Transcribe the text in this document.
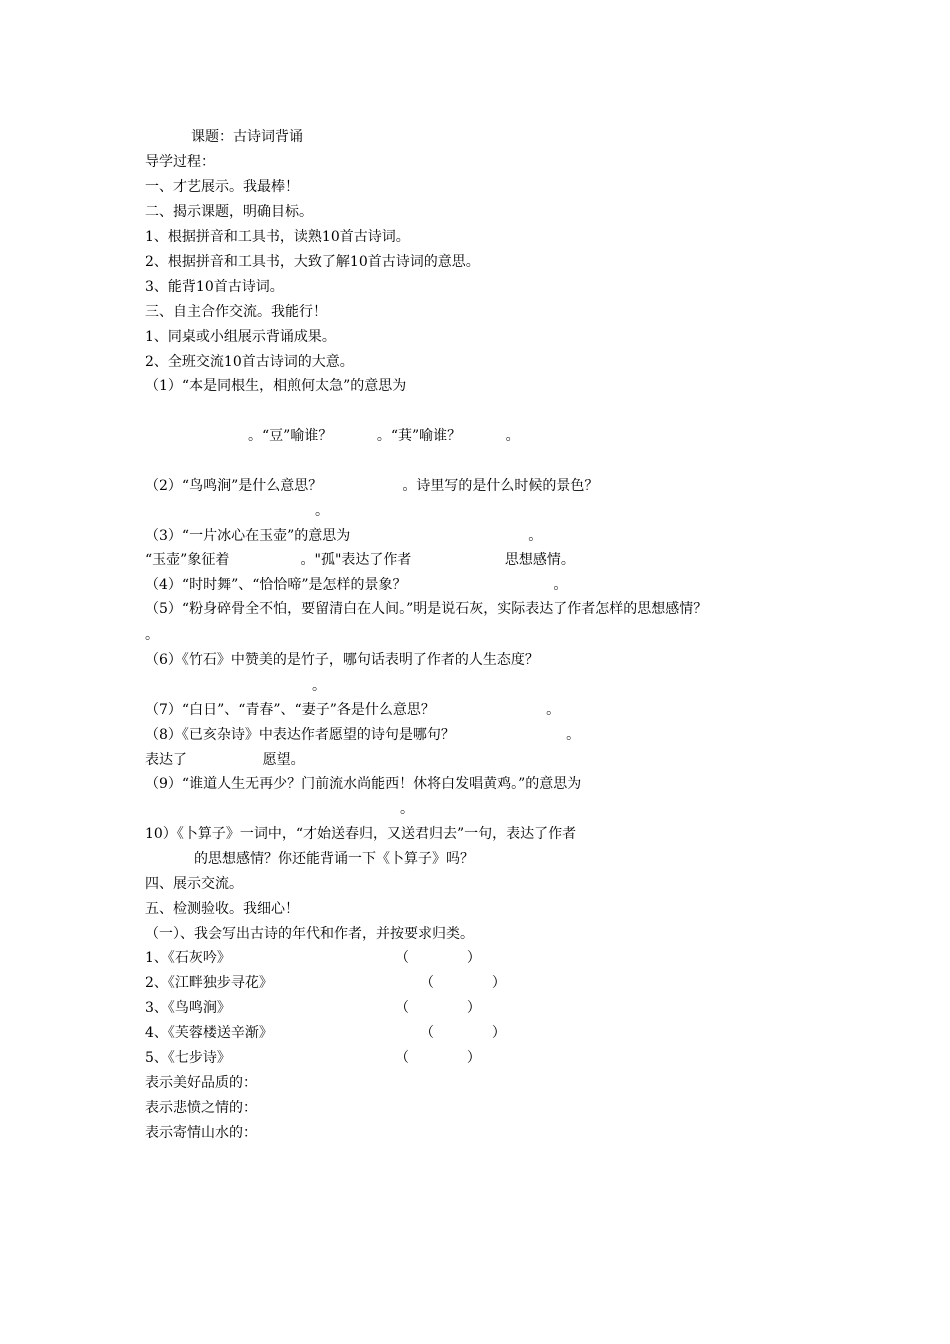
课题：古诗词背诵
导学过程：
一、才艺展示。我最棒！
二、揭示课题，明确目标。
1、根据拼音和工具书，读熟10首古诗词。
2、根据拼音和工具书，大致了解10首古诗词的意思。
3、能背10首古诗词。
三、自主合作交流。我能行！
1、同桌或小组展示背诵成果。
2、全班交流10首古诗词的大意。
（1）“本是同根生，相煎何太急”的意思为
。“豆”喻谁？          。“萁”喻谁？          。
（2）“鸟鸣涧”是什么意思？                  。诗里写的是什么时候的景色？
。
（3）“一片冰心在玉壶”的意思为                                        。
“玉壶”象征着                。"孤"表达了作者                     思想感情。
（4）“时时舞”、“恰恰啼”是怎样的景象？                                 。
（5）“粉身碎骨全不怕，要留清白在人间。”明是说石灰，实际表达了作者怎样的思想感情？
。
（6）《竹石》中赞美的是竹子，哪句话表明了作者的人生态度？
。
（7）“白日”、“青春”、“妻子”各是什么意思？                         。
（8）《已亥杂诗》中表达作者愿望的诗句是哪句？                         。
表达了                 愿望。
（9）“谁道人生无再少？门前流水尚能西！休将白发唱黄鸡。”的意思为
。
10）《卜算子》一词中，“才始送春归，又送君归去”一句，表达了作者
的思想感情？你还能背诵一下《卜算子》吗？
四、展示交流。
五、检测验收。我细心！
（一）、我会写出古诗的年代和作者，并按要求归类。
1、《石灰吟》	（             ）
2、《江畔独步寻花》	（             ）
3、《鸟鸣涧》	（             ）
4、《芙蓉楼送辛渐》	（             ）
5、《七步诗》	（             ）
表示美好品质的：
表示悲愤之情的：
表示寄情山水的：
